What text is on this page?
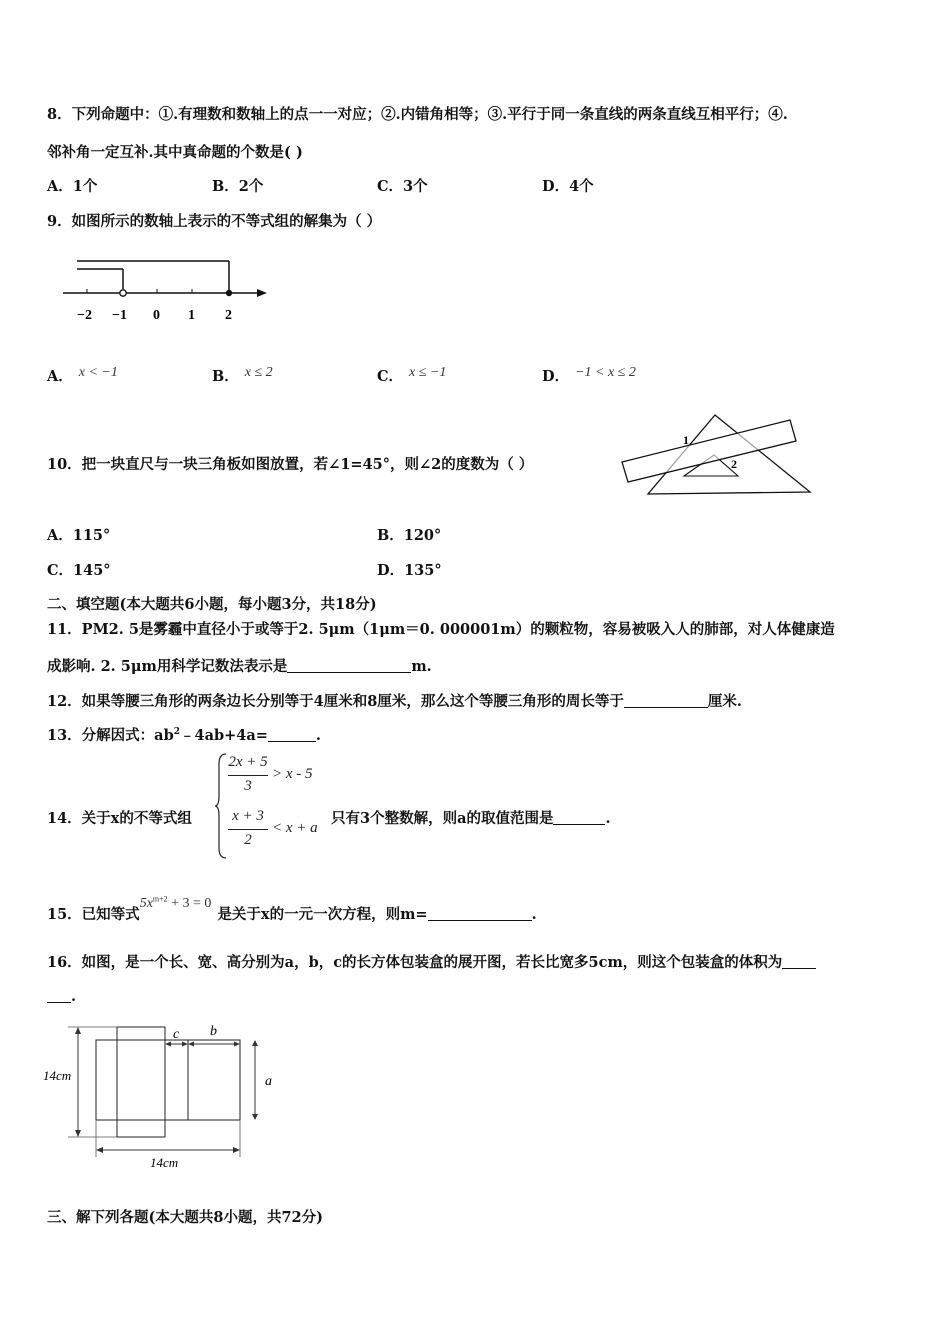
8．下列命题中：①.有理数和数轴上的点一一对应；②.内错角相等；③.平行于同一条直线的两条直线互相平行；④.
邻补角一定互补.其中真命题的个数是( )
A．1个	B．2个	C．3个	D．4个
9．如图所示的数轴上表示的不等式组的解集为（ ）
−2 −1 0 1 2
A． x < −1	B． x ≤ 2	C． x ≤ −1	D． −1 < x ≤ 2
10．把一块直尺与一块三角板如图放置，若∠1=45°，则∠2的度数为（ ）
1
2
A．115°	B．120°
C．145°	D．135°
二、填空题(本大题共6小题，每小题3分，共18分)
11．PM2. 5是雾霾中直径小于或等于2. 5μm（1μm＝0. 000001m）的颗粒物，容易被吸入人的肺部，对人体健康造
成影响. 2. 5μm用科学记数法表示是	m.
12．如果等腰三角形的两条边长分别等于4厘米和8厘米，那么这个等腰三角形的周长等于	厘米.
13．分解因式：$ab^2﹣4ab+4a=$	.
14．关于x的不等式组
2x + 5
3
> x - 5
x + 3
2
< x + a
只有3个整数解，则a的取值范围是	.
15．已知等式$5x^{m+2} + 3 = 0$是关于x的一元一次方程，则m=	.
16．如图，是一个长、宽、高分别为a，b，c的长方体包装盒的展开图，若长比宽多5cm，则这个包装盒的体积为
.
14cm
14cm
c b
a
三、解下列各题(本大题共8小题，共72分)
